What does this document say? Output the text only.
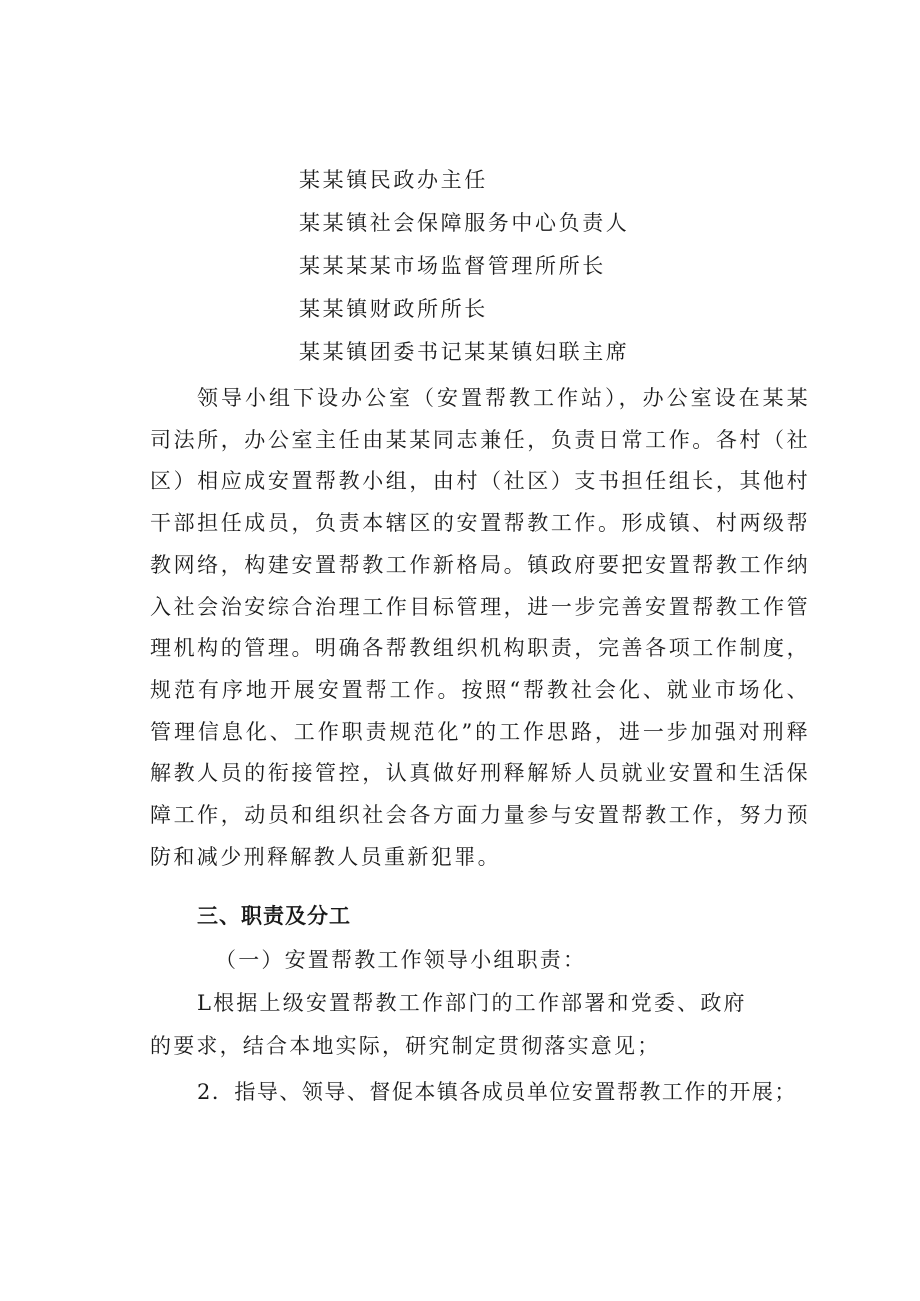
某某镇民政办主任
某某镇社会保障服务中心负责人
某某某某市场监督管理所所长
某某镇财政所所长
某某镇团委书记某某镇妇联主席

领导小组下设办公室（安置帮教工作站），办公室设在某某司法所，办公室主任由某某同志兼任，负责日常工作。各村（社区）相应成安置帮教小组，由村（社区）支书担任组长，其他村干部担任成员，负责本辖区的安置帮教工作。形成镇、村两级帮教网络，构建安置帮教工作新格局。镇政府要把安置帮教工作纳入社会治安综合治理工作目标管理，进一步完善安置帮教工作管理机构的管理。明确各帮教组织机构职责，完善各项工作制度，规范有序地开展安置帮工作。按照“帮教社会化、就业市场化、管理信息化、工作职责规范化”的工作思路，进一步加强对刑释解教人员的衔接管控，认真做好刑释解矫人员就业安置和生活保障工作，动员和组织社会各方面力量参与安置帮教工作，努力预防和减少刑释解教人员重新犯罪。

三、职责及分工

（一）安置帮教工作领导小组职责：

L根据上级安置帮教工作部门的工作部署和党委、政府

的要求，结合本地实际，研究制定贯彻落实意见；

2．指导、领导、督促本镇各成员单位安置帮教工作的开展；
